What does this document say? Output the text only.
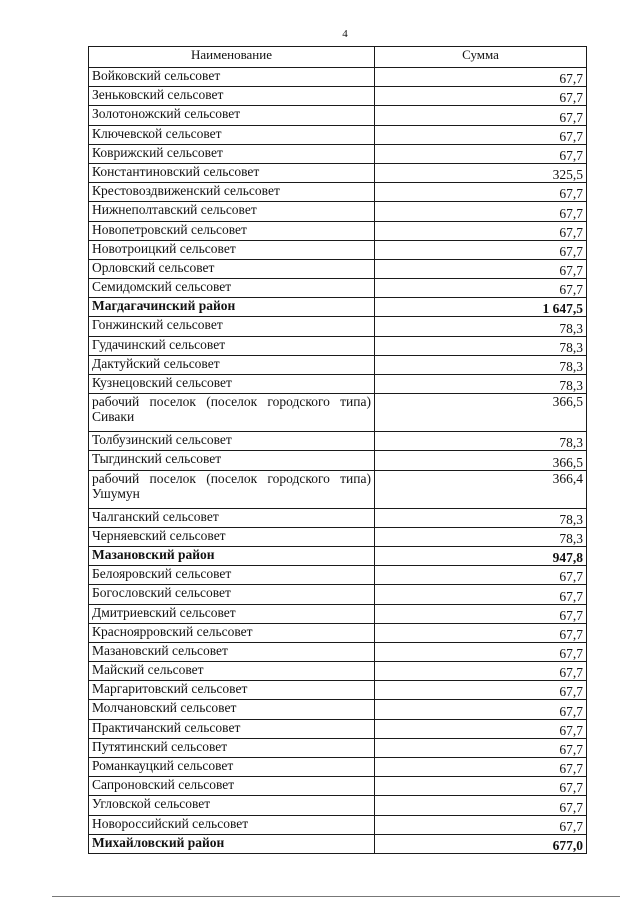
4
Наименование	Сумма
Войковский сельсовет	67,7
Зеньковский сельсовет	67,7
Золотоножский сельсовет	67,7
Ключевской сельсовет	67,7
Коврижский сельсовет	67,7
Константиновский сельсовет	325,5
Крестовоздвиженский сельсовет	67,7
Нижнеполтавский сельсовет	67,7
Новопетровский сельсовет	67,7
Новотроицкий сельсовет	67,7
Орловский сельсовет	67,7
Семидомский сельсовет	67,7
Магдагачинский район	1 647,5
Гонжинский сельсовет	78,3
Гудачинский сельсовет	78,3
Дактуйский сельсовет	78,3
Кузнецовский сельсовет	78,3
рабочий поселок (поселок городского типа) Сиваки	366,5
Толбузинский сельсовет	78,3
Тыгдинский сельсовет	366,5
рабочий поселок (поселок городского типа) Ушумун	366,4
Чалганский сельсовет	78,3
Черняевский сельсовет	78,3
Мазановский район	947,8
Белояровский сельсовет	67,7
Богословский сельсовет	67,7
Дмитриевский сельсовет	67,7
Красноярровский сельсовет	67,7
Мазановский сельсовет	67,7
Майский сельсовет	67,7
Маргаритовский сельсовет	67,7
Молчановский сельсовет	67,7
Практичанский сельсовет	67,7
Путятинский сельсовет	67,7
Романкауцкий сельсовет	67,7
Сапроновский сельсовет	67,7
Угловской сельсовет	67,7
Новороссийский сельсовет	67,7
Михайловский район	677,0
